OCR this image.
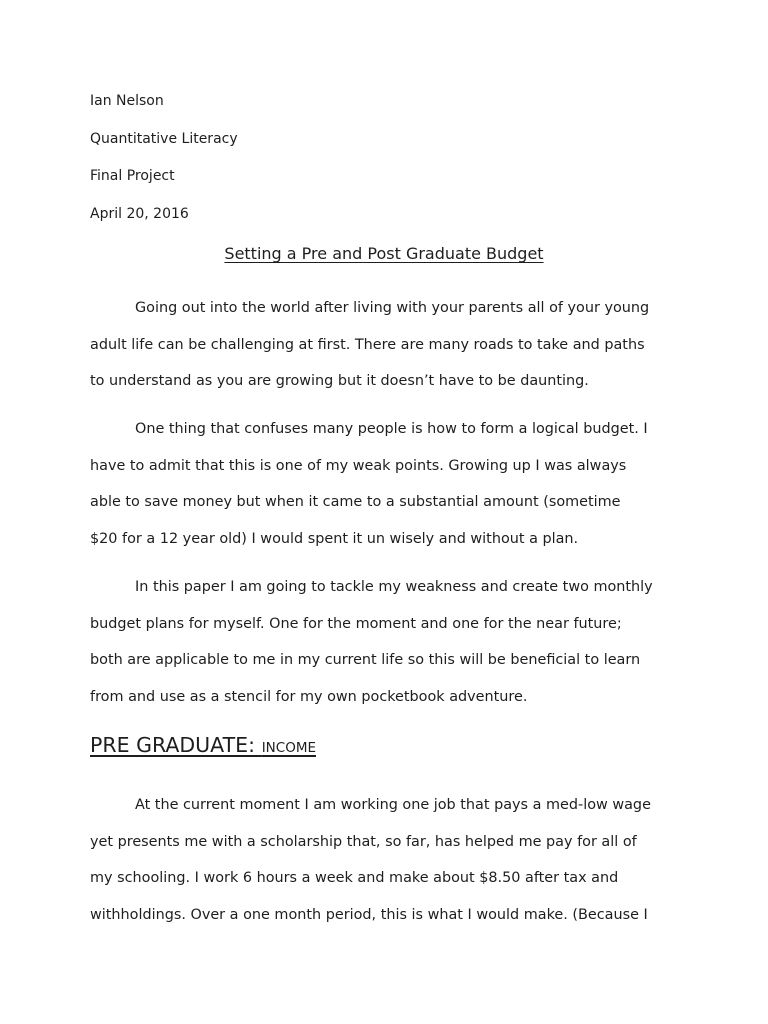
Ian Nelson

Quantitative Literacy

Final Project

April 20, 2016

Setting a Pre and Post Graduate Budget
Going out into the world after living with your parents all of your young
adult life can be challenging at first. There are many roads to take and paths
to understand as you are growing but it doesn’t have to be daunting.
One thing that confuses many people is how to form a logical budget. I
have to admit that this is one of my weak points. Growing up I was always
able to save money but when it came to a substantial amount (sometime
$20 for a 12 year old) I would spent it un wisely and without a plan.
In this paper I am going to tackle my weakness and create two monthly
budget plans for myself. One for the moment and one for the near future;
both are applicable to me in my current life so this will be beneficial to learn
from and use as a stencil for my own pocketbook adventure.
PRE GRADUATE: INCOME
At the current moment I am working one job that pays a med-low wage
yet presents me with a scholarship that, so far, has helped me pay for all of
my schooling. I work 6 hours a week and make about $8.50 after tax and
withholdings. Over a one month period, this is what I would make. (Because I
